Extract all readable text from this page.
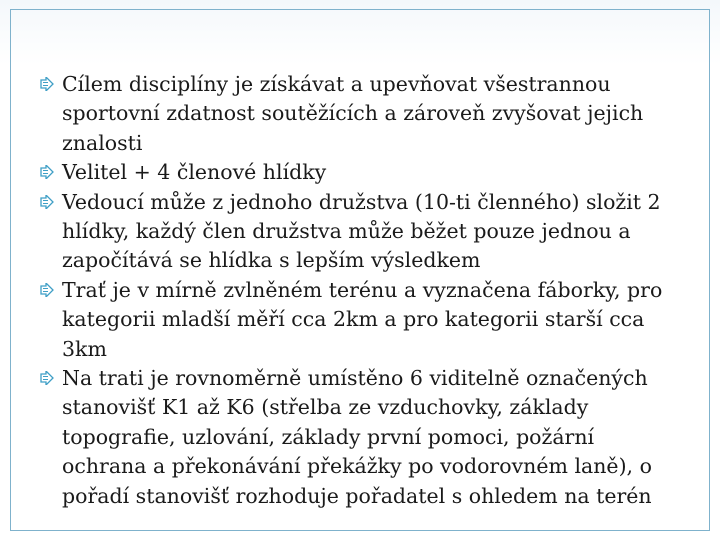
Cílem disciplíny je získávat a upevňovat všestrannou sportovní zdatnost soutěžících a zároveň zvyšovat jejich znalosti
Velitel + 4 členové hlídky
Vedoucí může z jednoho družstva (10-ti členného) složit 2 hlídky, každý člen družstva může běžet pouze jednou a započítává se hlídka s lepším výsledkem
Trať je v mírně zvlněném terénu a vyznačena fáborky, pro kategorii mladší měří cca 2km a pro kategorii starší cca 3km
Na trati je rovnoměrně umístěno 6 viditelně označených stanovišť K1 až K6 (střelba ze vzduchovky, základy topografie, uzlování, základy první pomoci, požární ochrana a překonávání překážky po vodorovném laně), o pořadí stanovišť rozhoduje pořadatel s ohledem na terén
